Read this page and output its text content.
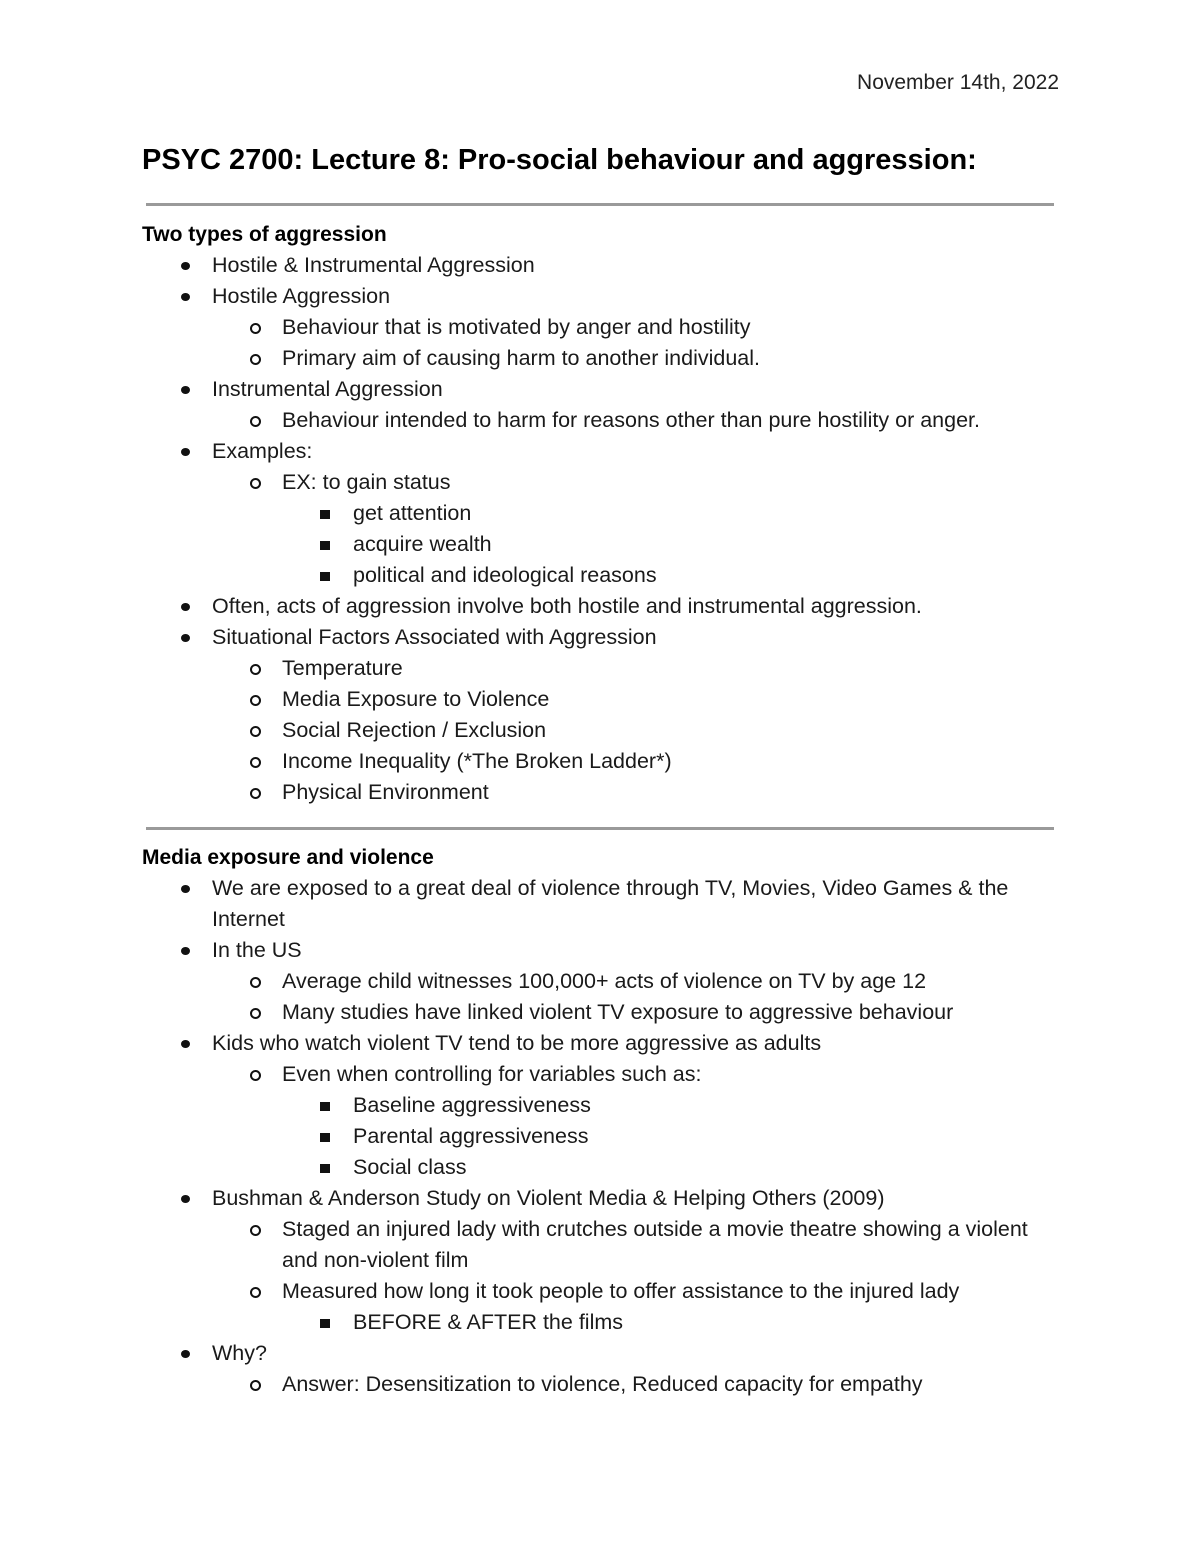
November 14th, 2022
PSYC 2700: Lecture 8: Pro-social behaviour and aggression:

Two types of aggression

Hostile & Instrumental Aggression
Hostile Aggression
Behaviour that is motivated by anger and hostility
Primary aim of causing harm to another individual.
Instrumental Aggression
Behaviour intended to harm for reasons other than pure hostility or anger.
Examples:
EX: to gain status
get attention
acquire wealth
political and ideological reasons
Often, acts of aggression involve both hostile and instrumental aggression.
Situational Factors Associated with Aggression
Temperature
Media Exposure to Violence
Social Rejection / Exclusion
Income Inequality (*The Broken Ladder*)
Physical Environment

Media exposure and violence

We are exposed to a great deal of violence through TV, Movies, Video Games & the Internet
In the US
Average child witnesses 100,000+ acts of violence on TV by age 12
Many studies have linked violent TV exposure to aggressive behaviour
Kids who watch violent TV tend to be more aggressive as adults
Even when controlling for variables such as:
Baseline aggressiveness
Parental aggressiveness
Social class
Bushman & Anderson Study on Violent Media & Helping Others (2009)
Staged an injured lady with crutches outside a movie theatre showing a violent and non-violent film
Measured how long it took people to offer assistance to the injured lady
BEFORE & AFTER the films
Why?
Answer: Desensitization to violence, Reduced capacity for empathy
